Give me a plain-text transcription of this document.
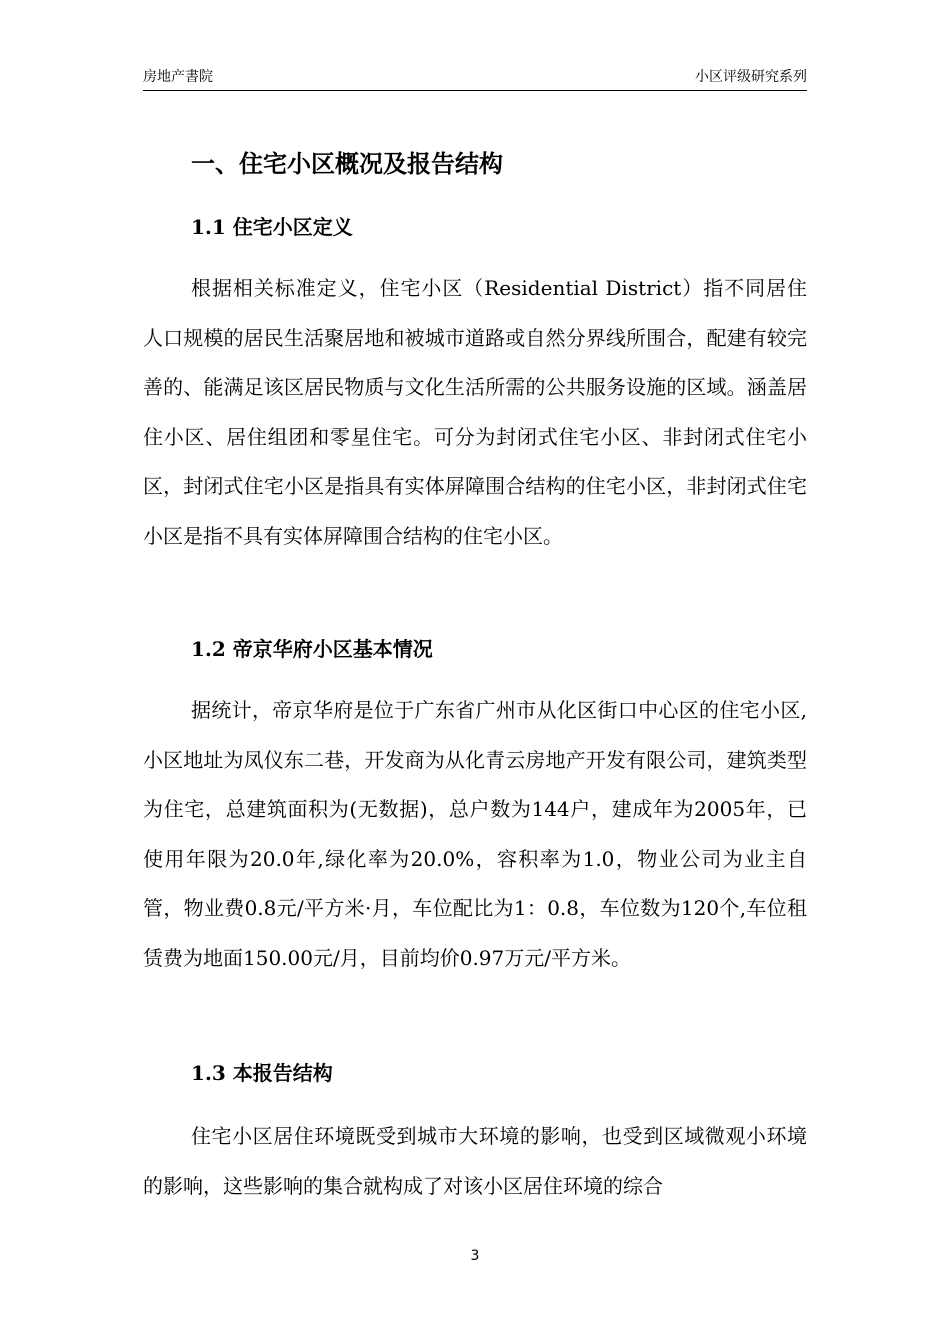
房地产書院	小区评级研究系列
一、住宅小区概况及报告结构
1.1 住宅小区定义

根据相关标准定义，住宅小区（Residential District）指不同居住人口规模的居民生活聚居地和被城市道路或自然分界线所围合，配建有较完善的、能满足该区居民物质与文化生活所需的公共服务设施的区域。涵盖居住小区、居住组团和零星住宅。可分为封闭式住宅小区、非封闭式住宅小区，封闭式住宅小区是指具有实体屏障围合结构的住宅小区，非封闭式住宅小区是指不具有实体屏障围合结构的住宅小区。

1.2 帝京华府小区基本情况

据统计，帝京华府是位于广东省广州市从化区街口中心区的住宅小区,小区地址为凤仪东二巷，开发商为从化青云房地产开发有限公司，建筑类型为住宅，总建筑面积为(无数据)，总户数为144户，建成年为2005年，已使用年限为20.0年,绿化率为20.0%，容积率为1.0，物业公司为业主自管，物业费0.8元/平方米·月，车位配比为1：0.8，车位数为120个,车位租赁费为地面150.00元/月，目前均价0.97万元/平方米。

1.3 本报告结构

住宅小区居住环境既受到城市大环境的影响，也受到区域微观小环境的影响，这些影响的集合就构成了对该小区居住环境的综合

3
